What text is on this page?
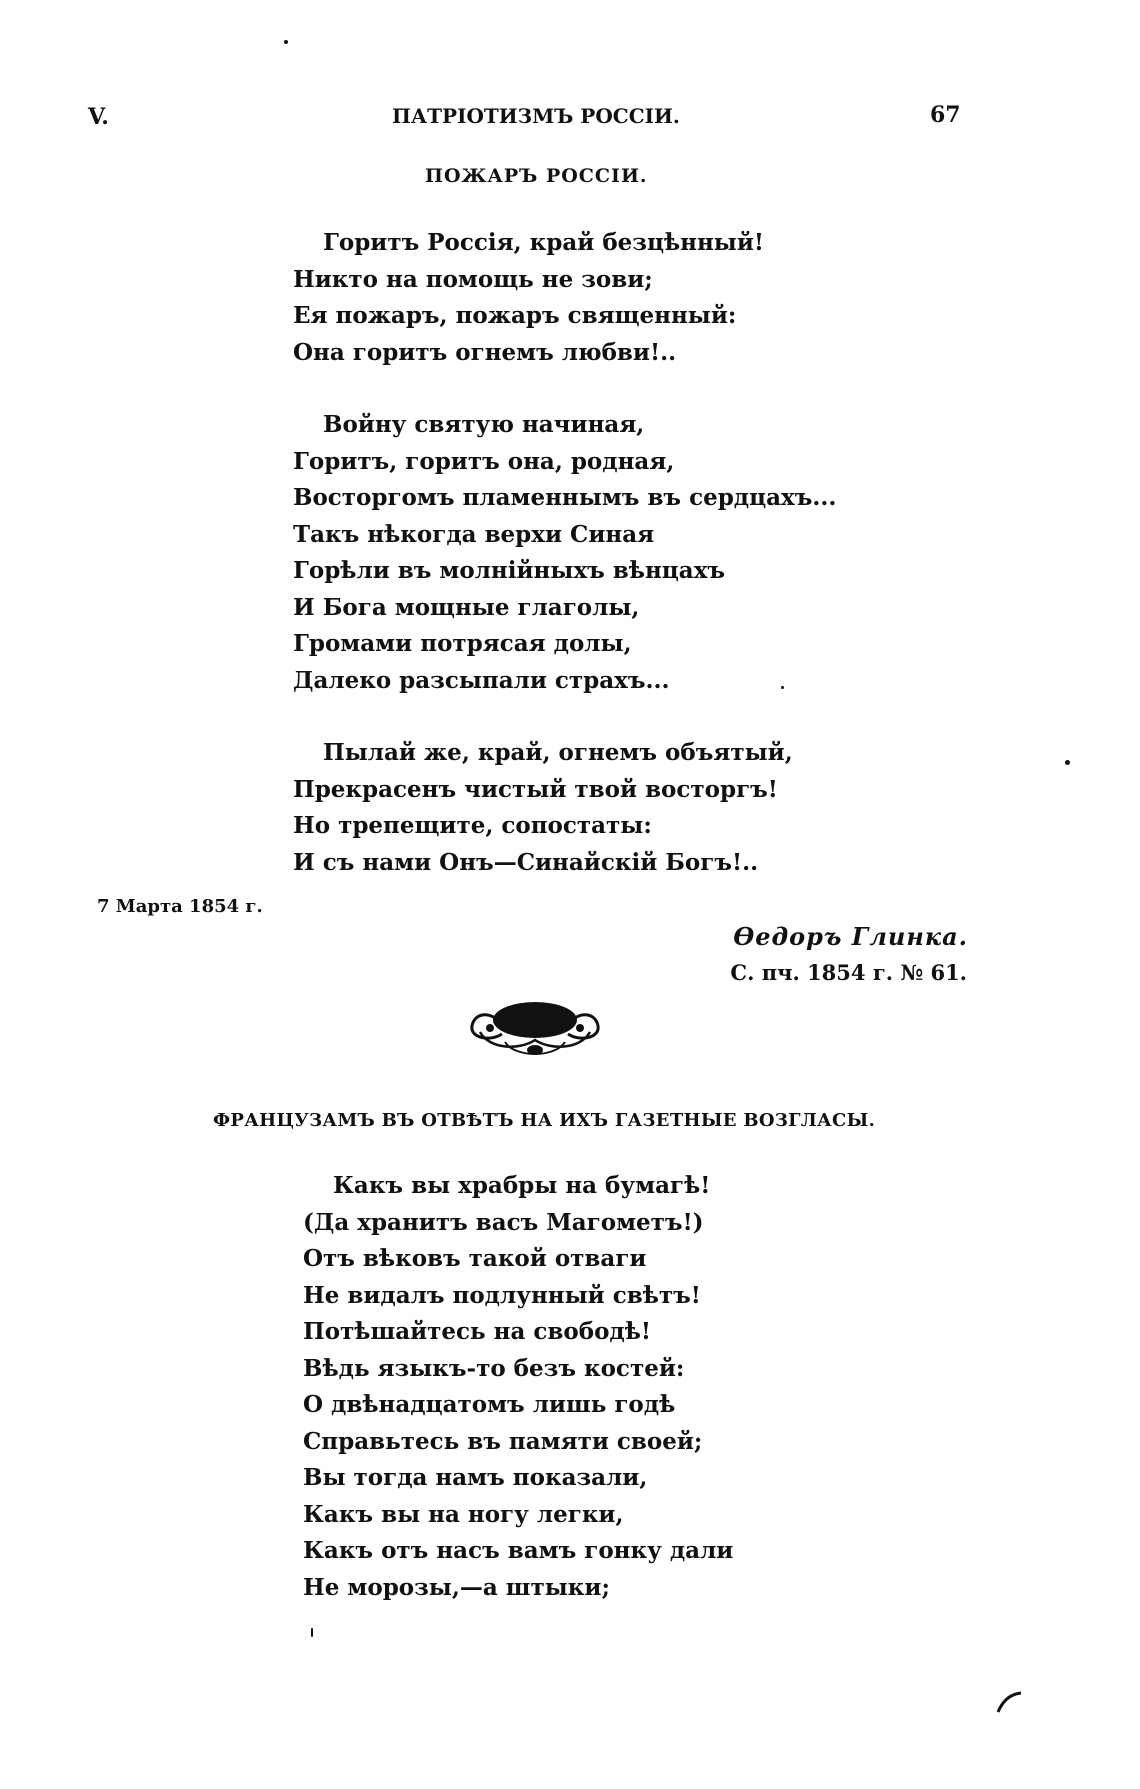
V.	ПАТРІОТИЗМЪ РОССІИ.	67
ПОЖАРЪ РОССІИ.
Горитъ Россія, край безцѣнный!
Никто на помощь не зови;
Ея пожаръ, пожаръ священный:
Она горитъ огнемъ любви!..
Войну святую начиная,
Горитъ, горитъ она, родная,
Восторгомъ пламеннымъ въ сердцахъ...
Такъ нѣкогда верхи Синая
Горѣли въ молнійныхъ вѣнцахъ
И Бога мощные глаголы,
Громами потрясая долы,
Далеко разсыпали страхъ...
Пылай же, край, огнемъ объятый,
Прекрасенъ чистый твой восторгъ!
Но трепещите, сопостаты:
И съ нами Онъ—Синайскій Богъ!..
7 Марта 1854 г.
Ѳедоръ Глинка.
С. пч. 1854 г. № 61.
ФРАНЦУЗАМЪ ВЪ ОТВѢТЪ НА ИХЪ ГАЗЕТНЫЕ ВОЗГЛАСЫ.
Какъ вы храбры на бумагѣ!
(Да хранитъ васъ Магометъ!)
Отъ вѣковъ такой отваги
Не видалъ подлунный свѣтъ!
Потѣшайтесь на свободѣ!
Вѣдь языкъ-то безъ костей:
О двѣнадцатомъ лишь годѣ
Справьтесь въ памяти своей;
Вы тогда намъ показали,
Какъ вы на ногу легки,
Какъ отъ насъ вамъ гонку дали
Не морозы,—а штыки;
